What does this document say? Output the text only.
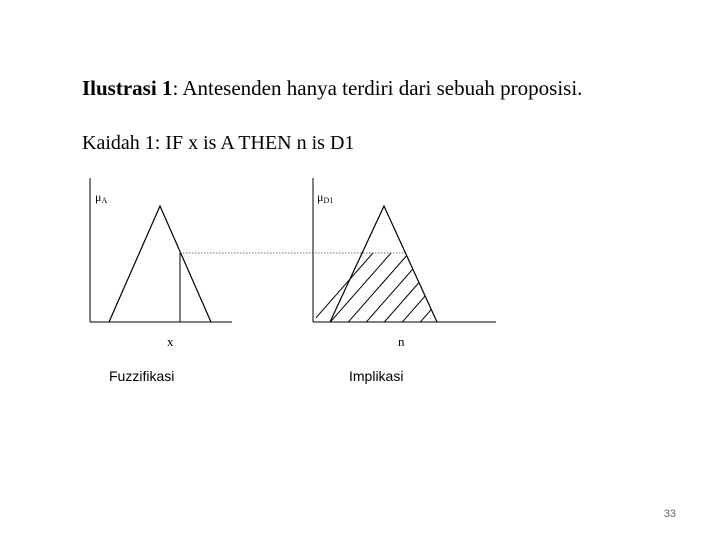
Ilustrasi 1: Antesenden hanya terdiri dari sebuah proposisi.
Kaidah 1: IF x is A THEN n is D1
μA
x
μD1
n
Fuzzifikasi	Implikasi
33
